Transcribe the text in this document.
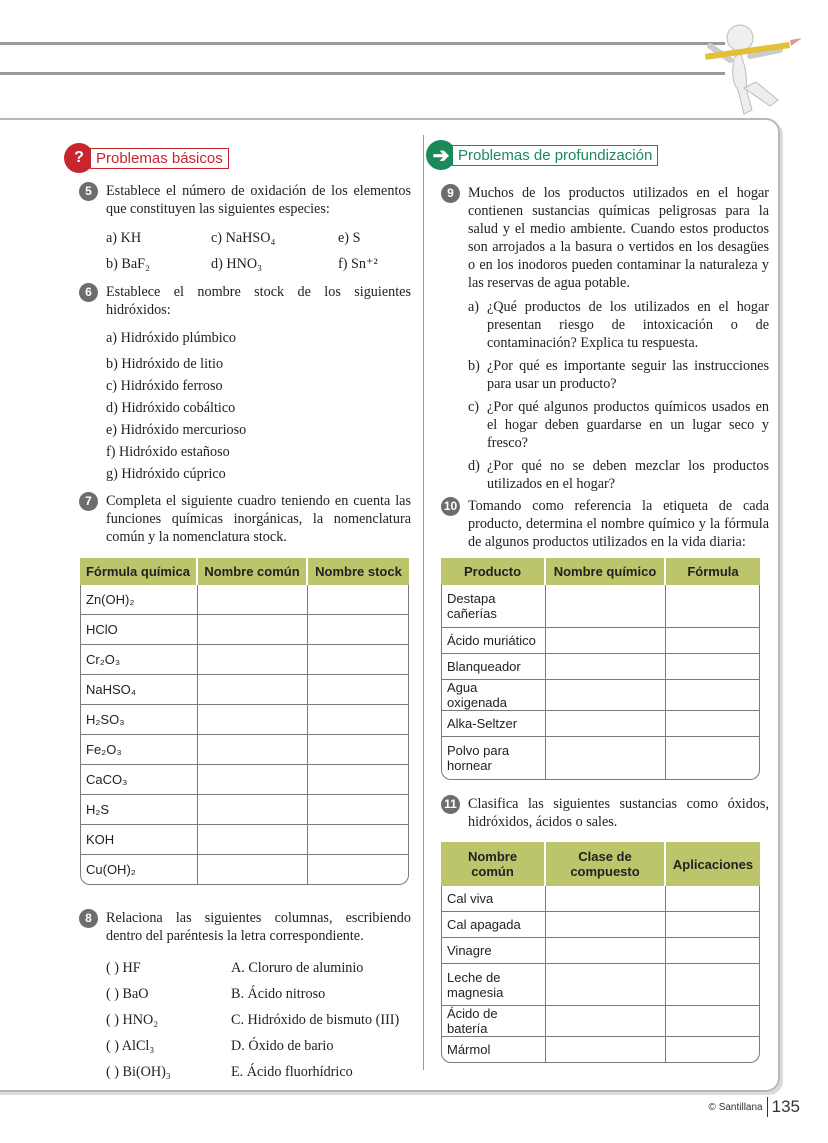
? Problemas básicos
5 Establece el número de oxidación de los elementos que constituyen las siguientes especies:
a) KH	c) NaHSO₄	e) S
b) BaF₂	d) HNO₃	f) Sn⁺²
6 Establece el nombre stock de los siguientes hidróxidos:
a) Hidróxido plúmbico
b) Hidróxido de litio
c) Hidróxido ferroso
d) Hidróxido cobáltico
e) Hidróxido mercurioso
f) Hidróxido estañoso
g) Hidróxido cúprico
7 Completa el siguiente cuadro teniendo en cuenta las funciones químicas inorgánicas, la nomenclatura común y la nomenclatura stock.
Fórmula química	Nombre común	Nombre stock
Zn(OH)₂		
HClO		
Cr₂O₃		
NaHSO₄		
H₂SO₃		
Fe₂O₃		
CaCO₃		
H₂S		
KOH		
Cu(OH)₂		
8 Relaciona las siguientes columnas, escribiendo dentro del paréntesis la letra correspondiente.
( ) HF	A. Cloruro de aluminio
( ) BaO	B. Ácido nitroso
( ) HNO₂	C. Hidróxido de bismuto (III)
( ) AlCl₃	D. Óxido de bario
( ) Bi(OH)₃	E. Ácido fluorhídrico
➔ Problemas de profundización
9 Muchos de los productos utilizados en el hogar contienen sustancias químicas peligrosas para la salud y el medio ambiente. Cuando estos productos son arrojados a la basura o vertidos en los desagües o en los inodoros pueden contaminar la naturaleza y las reservas de agua potable.
a) ¿Qué productos de los utilizados en el hogar presentan riesgo de intoxicación o de contaminación? Explica tu respuesta.
b) ¿Por qué es importante seguir las instrucciones para usar un producto?
c) ¿Por qué algunos productos químicos usados en el hogar deben guardarse en un lugar seco y fresco?
d) ¿Por qué no se deben mezclar los productos utilizados en el hogar?
10 Tomando como referencia la etiqueta de cada producto, determina el nombre químico y la fórmula de algunos productos utilizados en la vida diaria:
Producto	Nombre químico	Fórmula
Destapa cañerías		
Ácido muriático		
Blanqueador		
Agua oxigenada		
Alka-Seltzer		
Polvo para hornear		
11 Clasifica las siguientes sustancias como óxidos, hidróxidos, ácidos o sales.
Nombre común	Clase de compuesto	Aplicaciones
Cal viva		
Cal apagada		
Vinagre		
Leche de magnesia		
Ácido de batería		
Mármol		
© Santillana 135
